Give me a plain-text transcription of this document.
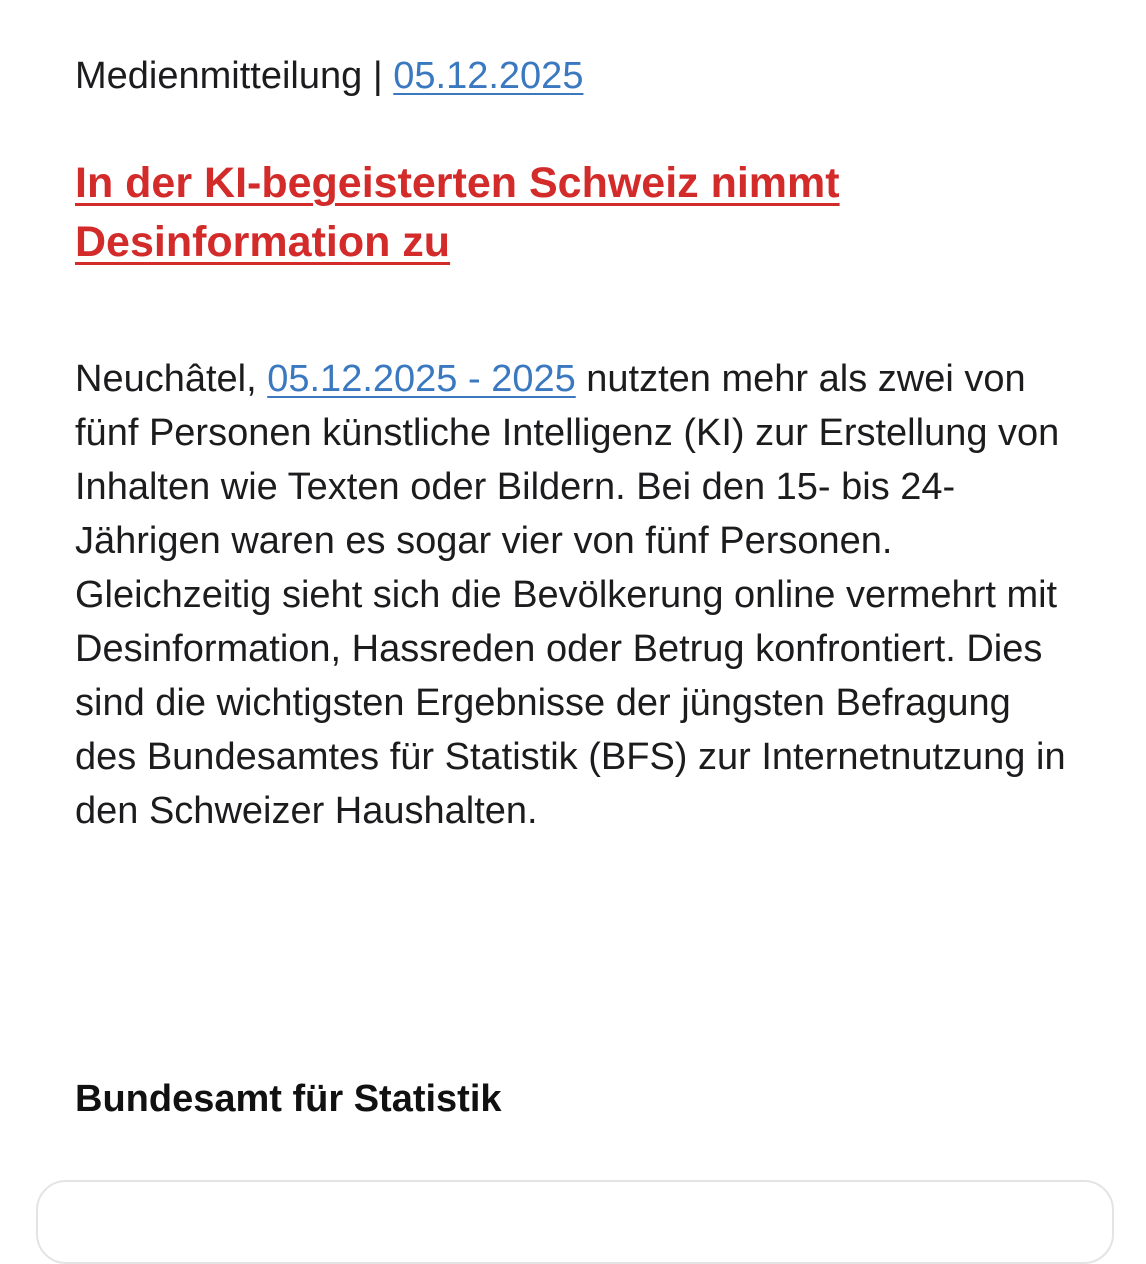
Medienmitteilung | 05.12.2025

In der KI-begeisterten Schweiz nimmt
Desinformation zu

Neuchâtel, 05.12.2025 - 2025 nutzten mehr als zwei von fünf Personen künstliche Intelligenz (KI) zur Erstellung von Inhalten wie Texten oder Bildern. Bei den 15- bis 24-Jährigen waren es sogar vier von fünf Personen. Gleichzeitig sieht sich die Bevölkerung online vermehrt mit Desinformation, Hassreden oder Betrug konfrontiert. Dies sind die wichtigsten Ergebnisse der jüngsten Befragung des Bundesamtes für Statistik (BFS) zur Internetnutzung in den Schweizer Haushalten.

Bundesamt für Statistik
